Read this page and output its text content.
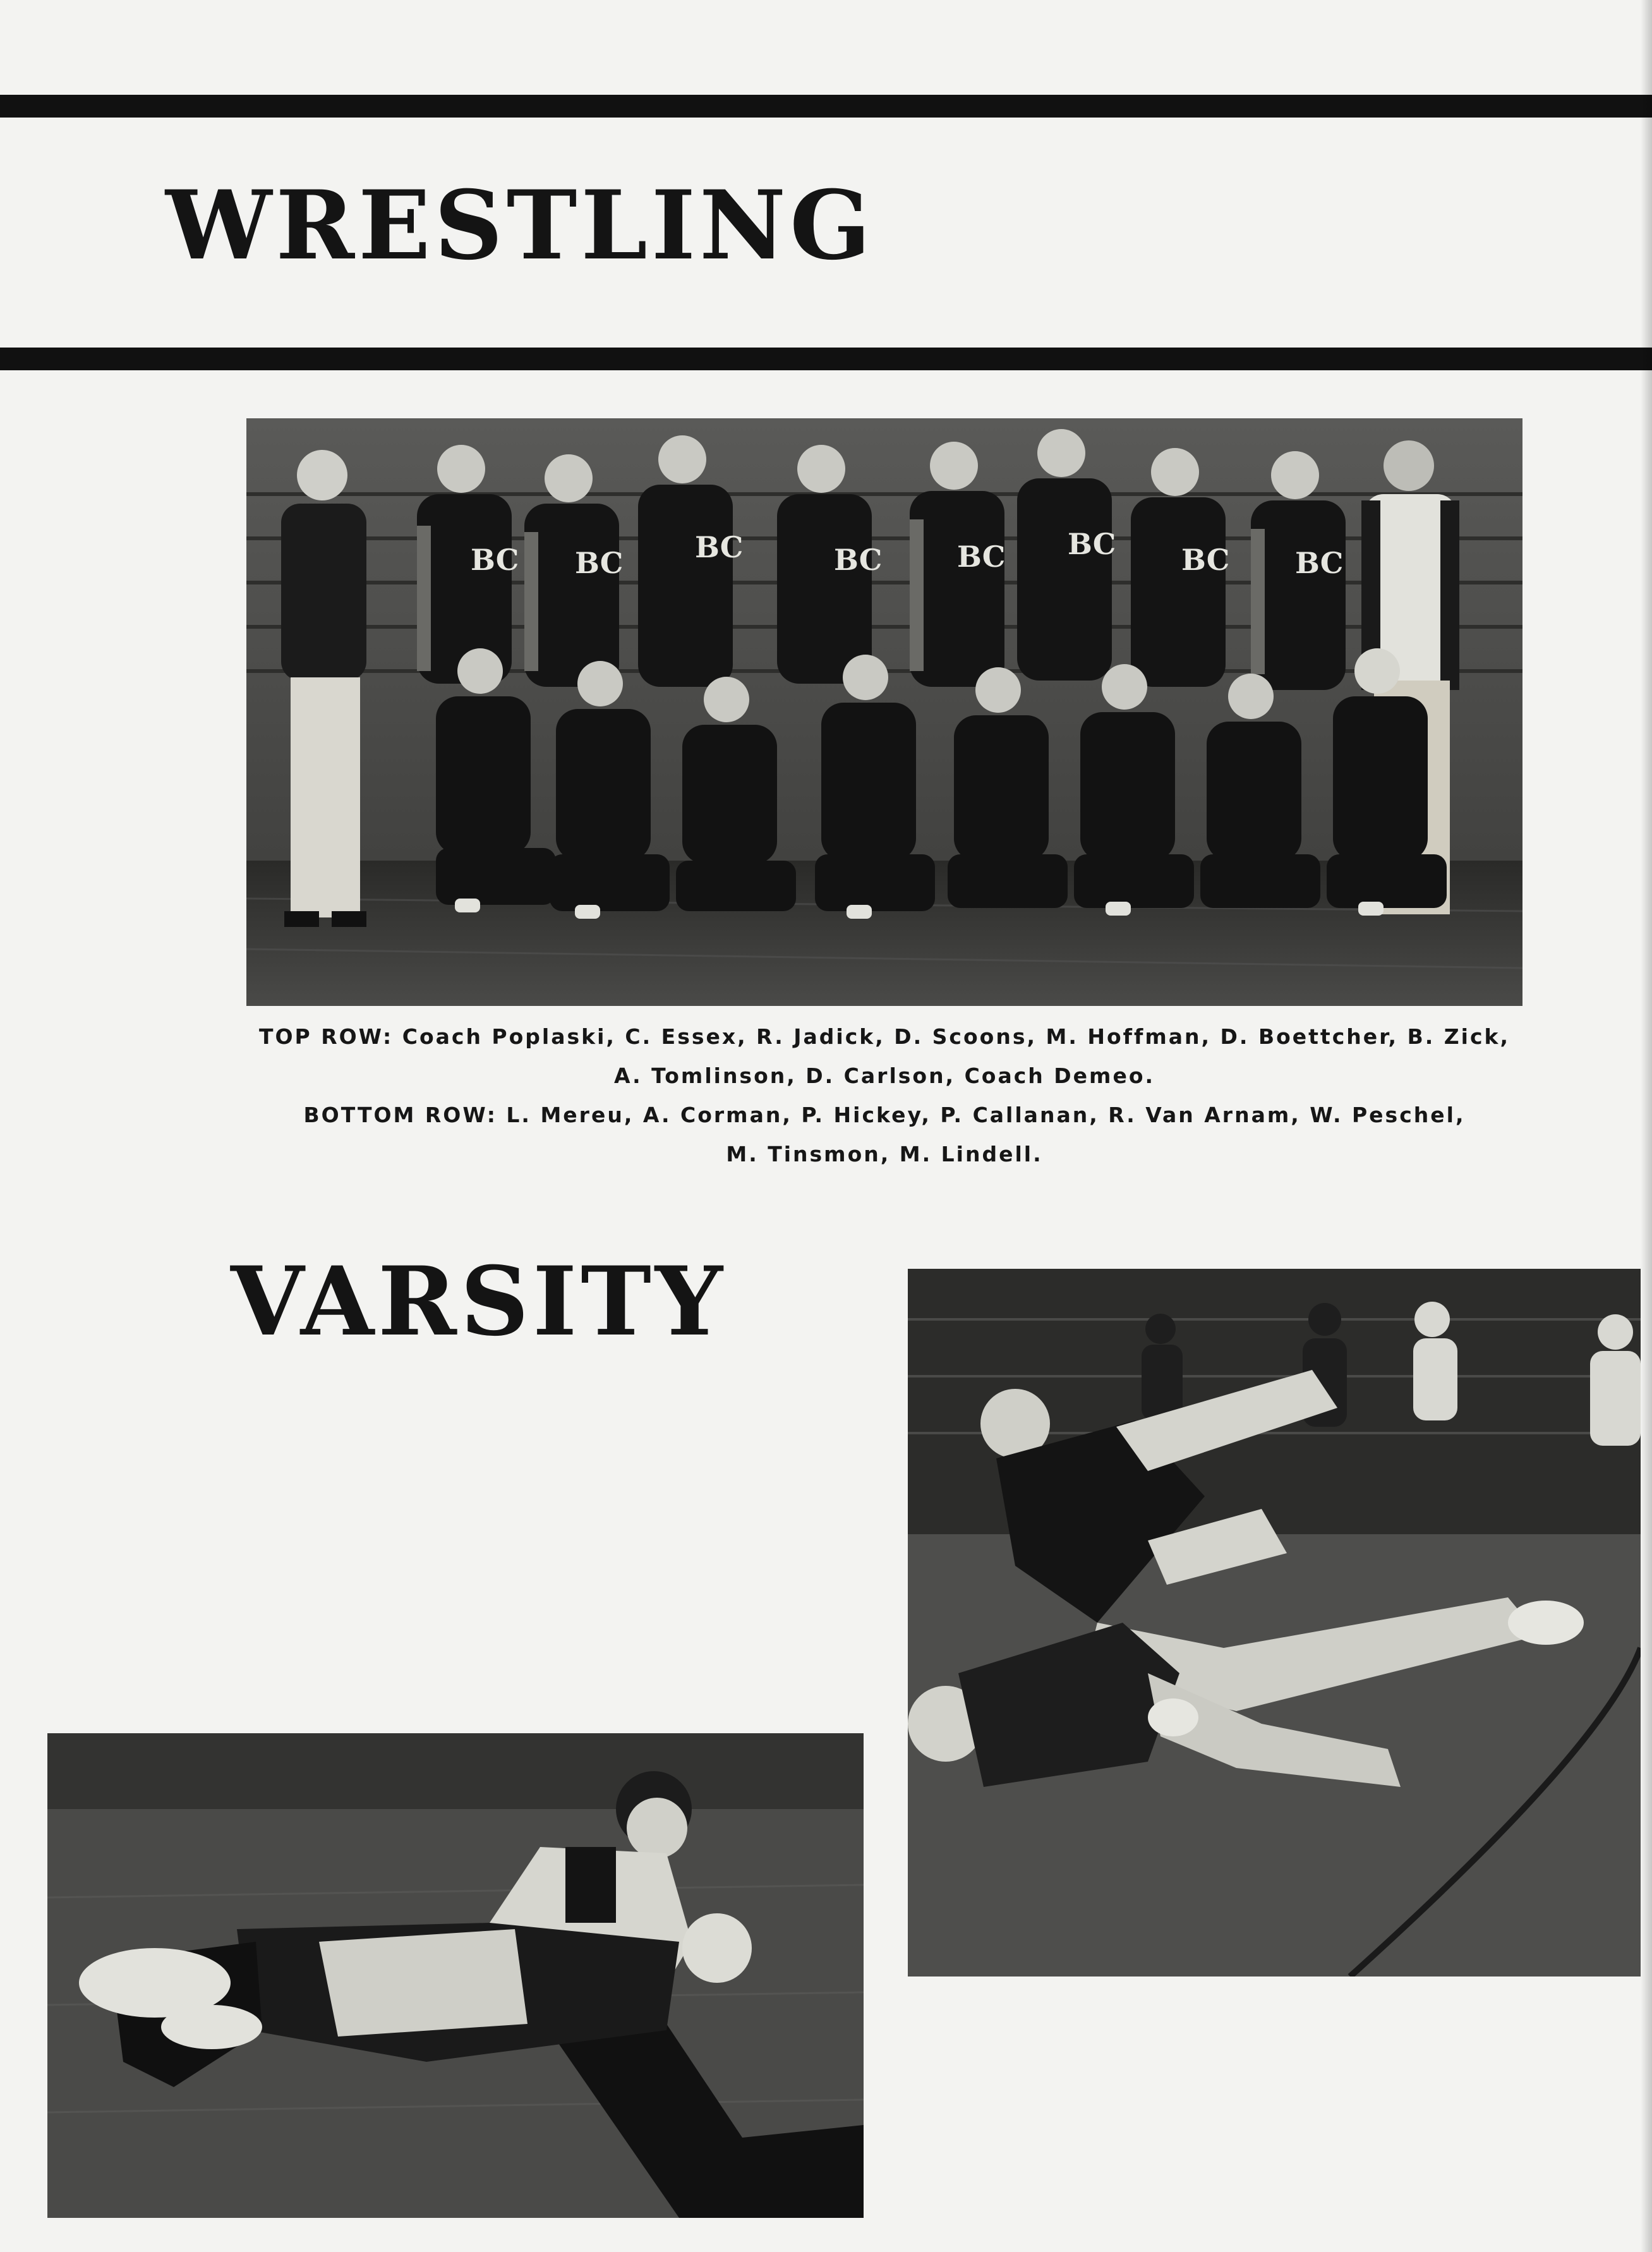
WRESTLING
BC BC BC	BC	BC BC BC BC
TOP ROW: Coach Poplaski, C. Essex, R. Jadick, D. Scoons, M. Hoffman, D. Boettcher, B. Zick,
A. Tomlinson, D. Carlson, Coach Demeo.
BOTTOM ROW: L. Mereu, A. Corman, P. Hickey, P. Callanan, R. Van Arnam, W. Peschel,
M. Tinsmon, M. Lindell.
VARSITY
